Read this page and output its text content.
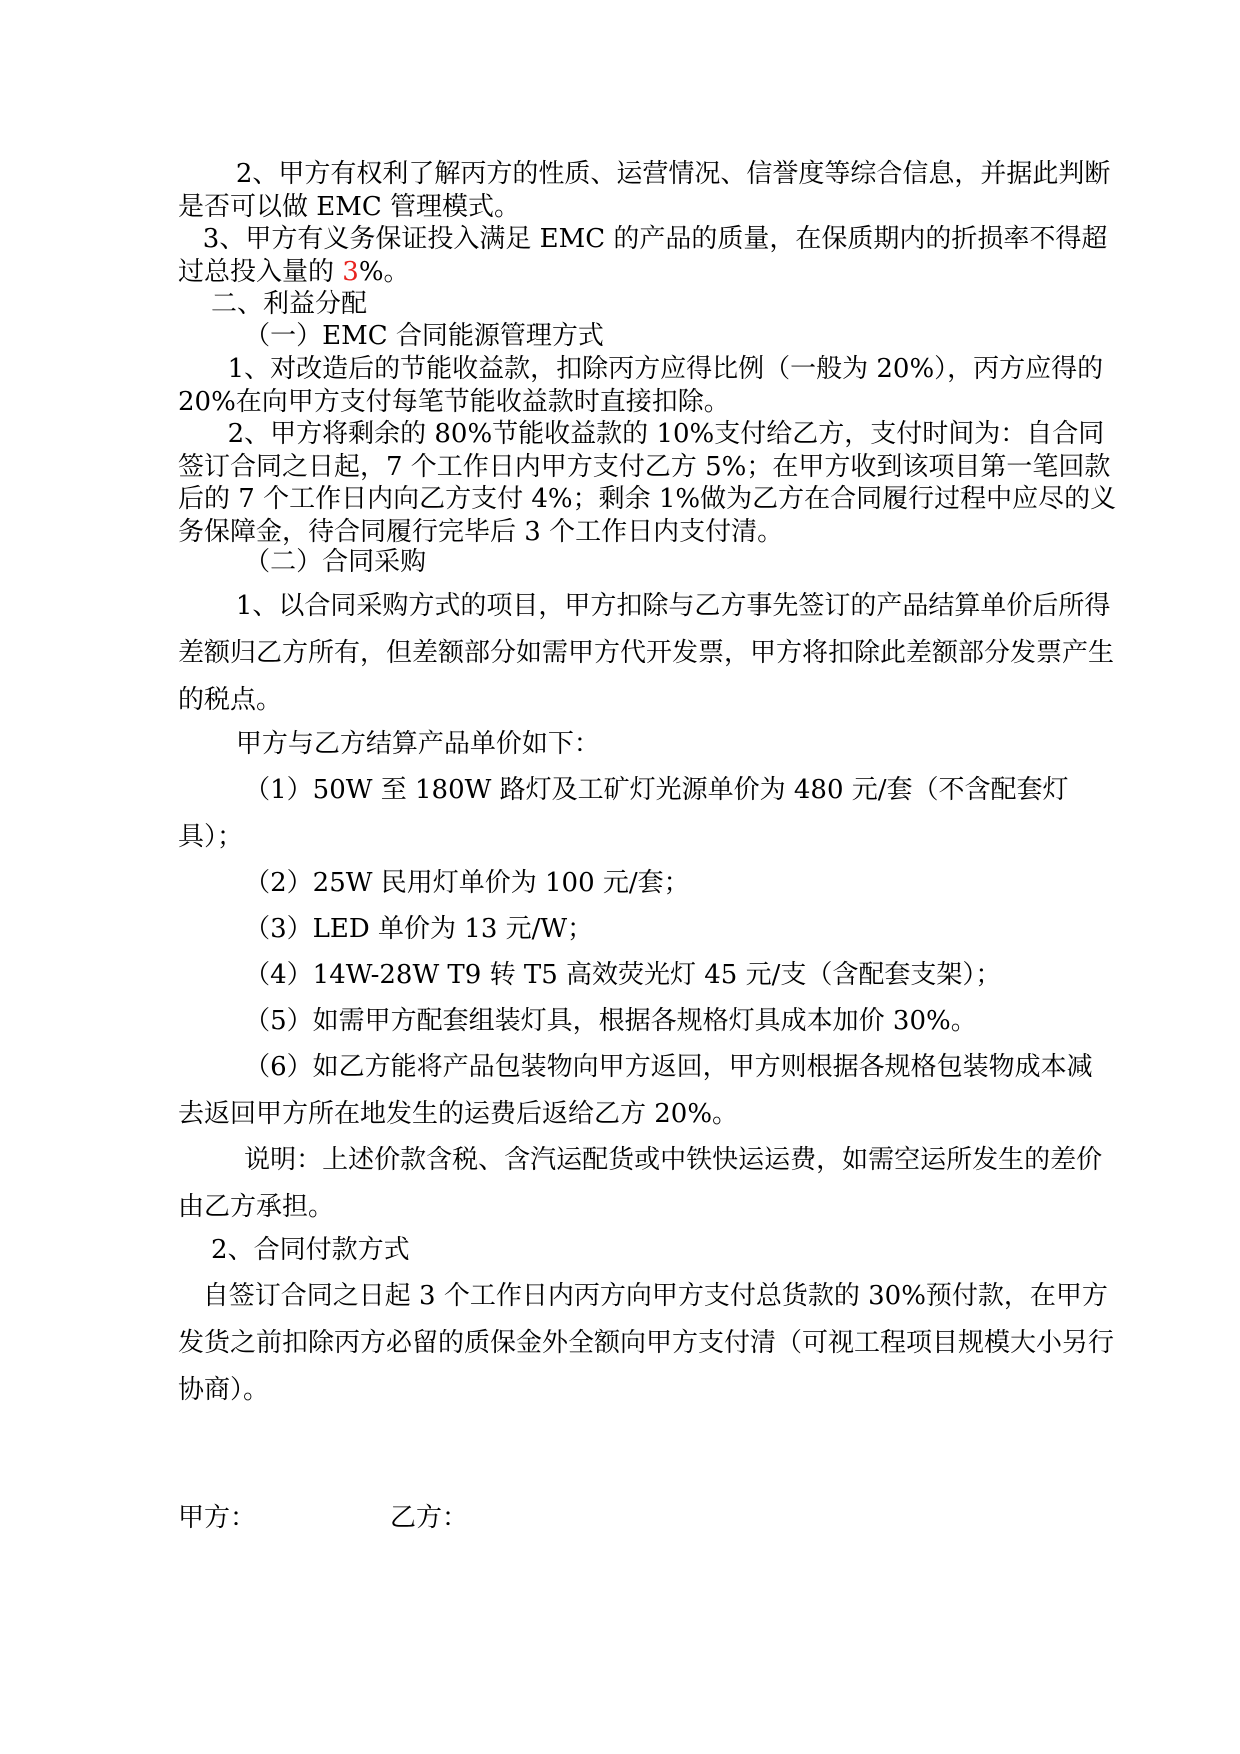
2、甲方有权利了解丙方的性质、运营情况、信誉度等综合信息，并据此判断是否可以做 EMC 管理模式。

3、甲方有义务保证投入满足 EMC 的产品的质量，在保质期内的折损率不得超过总投入量的 3%。

二、利益分配

（一）EMC 合同能源管理方式

1、对改造后的节能收益款，扣除丙方应得比例（一般为 20%），丙方应得的 20%在向甲方支付每笔节能收益款时直接扣除。

2、甲方将剩余的 80%节能收益款的 10%支付给乙方，支付时间为：自合同签订合同之日起，7 个工作日内甲方支付乙方 5%；在甲方收到该项目第一笔回款后的 7 个工作日内向乙方支付 4%；剩余 1%做为乙方在合同履行过程中应尽的义务保障金，待合同履行完毕后 3 个工作日内支付清。

（二）合同采购

1、以合同采购方式的项目，甲方扣除与乙方事先签订的产品结算单价后所得差额归乙方所有，但差额部分如需甲方代开发票，甲方将扣除此差额部分发票产生的税点。

甲方与乙方结算产品单价如下：

（1）50W 至 180W 路灯及工矿灯光源单价为 480 元/套（不含配套灯具）；

（2）25W 民用灯单价为 100 元/套；

（3）LED 单价为 13 元/W；

（4）14W-28W T9 转 T5 高效荧光灯 45 元/支（含配套支架）；

（5）如需甲方配套组装灯具，根据各规格灯具成本加价 30%。

（6）如乙方能将产品包装物向甲方返回，甲方则根据各规格包装物成本减去返回甲方所在地发生的运费后返给乙方 20%。

说明：上述价款含税、含汽运配货或中铁快运运费，如需空运所发生的差价由乙方承担。

2、合同付款方式

自签订合同之日起 3 个工作日内丙方向甲方支付总货款的 30%预付款，在甲方发货之前扣除丙方必留的质保金外全额向甲方支付清（可视工程项目规模大小另行协商）。

甲方：	乙方：
